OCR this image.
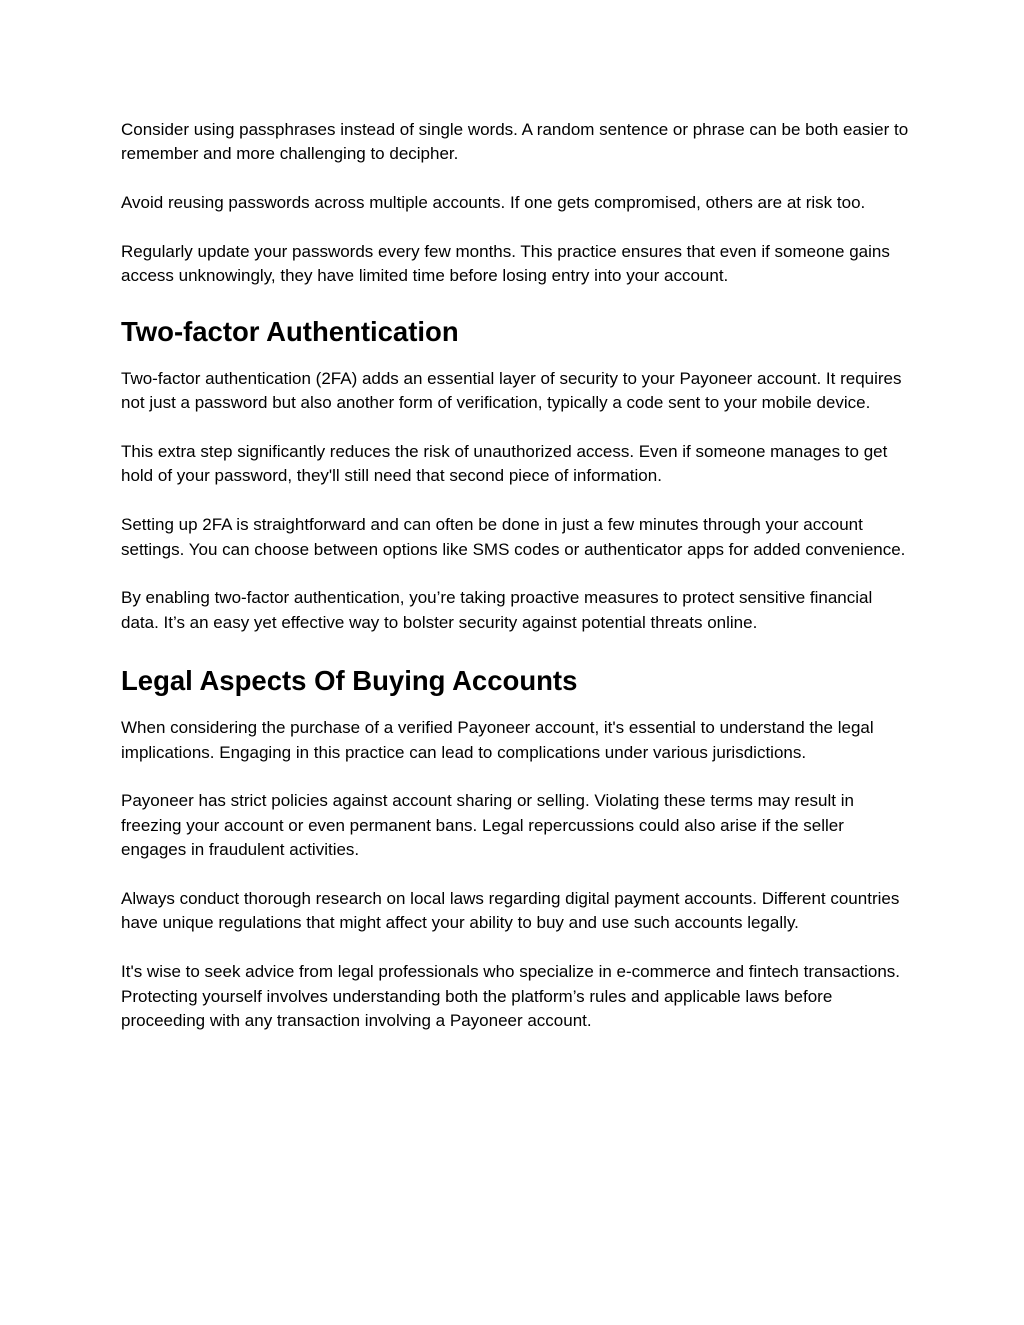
Consider using passphrases instead of single words. A random sentence or phrase can be both easier to remember and more challenging to decipher.

Avoid reusing passwords across multiple accounts. If one gets compromised, others are at risk too.

Regularly update your passwords every few months. This practice ensures that even if someone gains access unknowingly, they have limited time before losing entry into your account.

Two-factor Authentication

Two-factor authentication (2FA) adds an essential layer of security to your Payoneer account. It requires not just a password but also another form of verification, typically a code sent to your mobile device.

This extra step significantly reduces the risk of unauthorized access. Even if someone manages to get hold of your password, they'll still need that second piece of information.

Setting up 2FA is straightforward and can often be done in just a few minutes through your account settings. You can choose between options like SMS codes or authenticator apps for added convenience.

By enabling two-factor authentication, you’re taking proactive measures to protect sensitive financial data. It’s an easy yet effective way to bolster security against potential threats online.

Legal Aspects Of Buying Accounts

When considering the purchase of a verified Payoneer account, it's essential to understand the legal implications. Engaging in this practice can lead to complications under various jurisdictions.

Payoneer has strict policies against account sharing or selling. Violating these terms may result in freezing your account or even permanent bans. Legal repercussions could also arise if the seller engages in fraudulent activities.

Always conduct thorough research on local laws regarding digital payment accounts. Different countries have unique regulations that might affect your ability to buy and use such accounts legally.

It's wise to seek advice from legal professionals who specialize in e-commerce and fintech transactions. Protecting yourself involves understanding both the platform’s rules and applicable laws before proceeding with any transaction involving a Payoneer account.
